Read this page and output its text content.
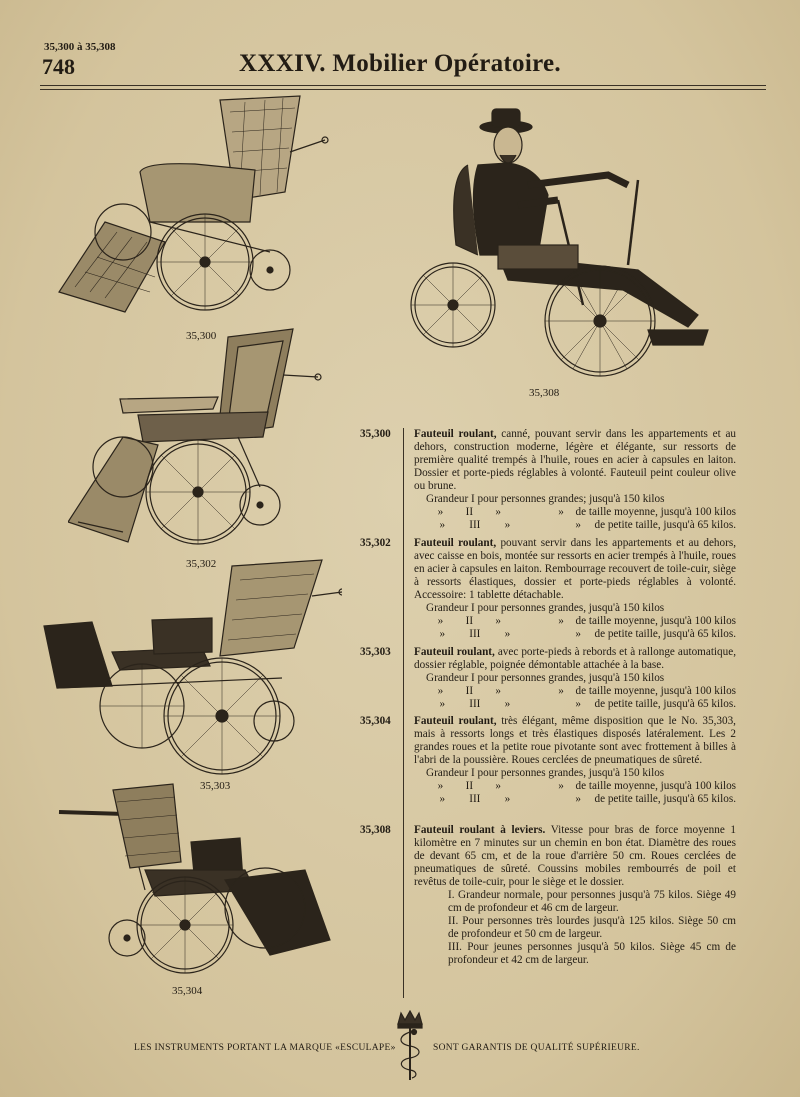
35,300 à 35,308
748	XXXIV. Mobilier Opératoire.
35,300
35,308
35,302
35,303
35,304
35,300 Fauteuil roulant, canné, pouvant servir dans les appartements et au dehors, construction moderne, légère et élégante, sur ressorts de première qualité trempés à l'huile, roues en acier à capsules en laiton. Dossier et porte-pieds réglables à volonté. Fauteuil peint couleur olive ou brune.

Grandeur I pour personnes grandes; jusqu'à 150 kilos
»	II	»	»	de taille moyenne, jusqu'à 100 kilos
»	III	»	»	de petite taille, jusqu'à 65 kilos.
35,302 Fauteuil roulant, pouvant servir dans les appartements et au dehors, avec caisse en bois, montée sur ressorts en acier trempés à l'huile, roues en acier à capsules en laiton. Rembourrage recouvert de toile-cuir, siège à ressorts élastiques, dossier et porte-pieds réglables à volonté. Accessoire: 1 tablette détachable.

Grandeur I pour personnes grandes, jusqu'à 150 kilos
»	II	»	»	de taille moyenne, jusqu'à 100 kilos
»	III	»	»	de petite taille, jusqu'à 65 kilos.
35,303 Fauteuil roulant, avec porte-pieds à rebords et à rallonge automatique, dossier réglable, poignée démontable attachée à la base.

Grandeur I pour personnes grandes, jusqu'à 150 kilos
»	II	»	»	de taille moyenne, jusqu'à 100 kilos
»	III	»	»	de petite taille, jusqu'à 65 kilos.
35,304 Fauteuil roulant, très élégant, même disposition que le No. 35,303, mais à ressorts longs et très élastiques disposés latéralement. Les 2 grandes roues et la petite roue pivotante sont avec frottement à billes à l'abri de la poussière. Roues cerclées de pneumatiques de sûreté.

Grandeur I pour personnes grandes, jusqu'à 150 kilos
»	II	»	»	de taille moyenne, jusqu'à 100 kilos
»	III	»	»	de petite taille, jusqu'à 65 kilos.
35,308 Fauteuil roulant à leviers. Vitesse pour bras de force moyenne 1 kilomètre en 7 minutes sur un chemin en bon état. Diamètre des roues de devant 65 cm, et de la roue d'arrière 50 cm. Roues cerclées de pneumatiques de sûreté. Coussins mobiles rembourrés de poil et revêtus de toile-cuir, pour le siège et le dossier.

I. Grandeur normale, pour personnes jusqu'à 75 kilos. Siège 49 cm de profondeur et 46 cm de largeur.

II. Pour personnes très lourdes jusqu'à 125 kilos. Siège 50 cm de profondeur et 50 cm de largeur.

III. Pour jeunes personnes jusqu'à 50 kilos. Siège 45 cm de profondeur et 42 cm de largeur.

LES INSTRUMENTS PORTANT LA MARQUE «ESCULAPE»	SONT GARANTIS DE QUALITÉ SUPÉRIEURE.
